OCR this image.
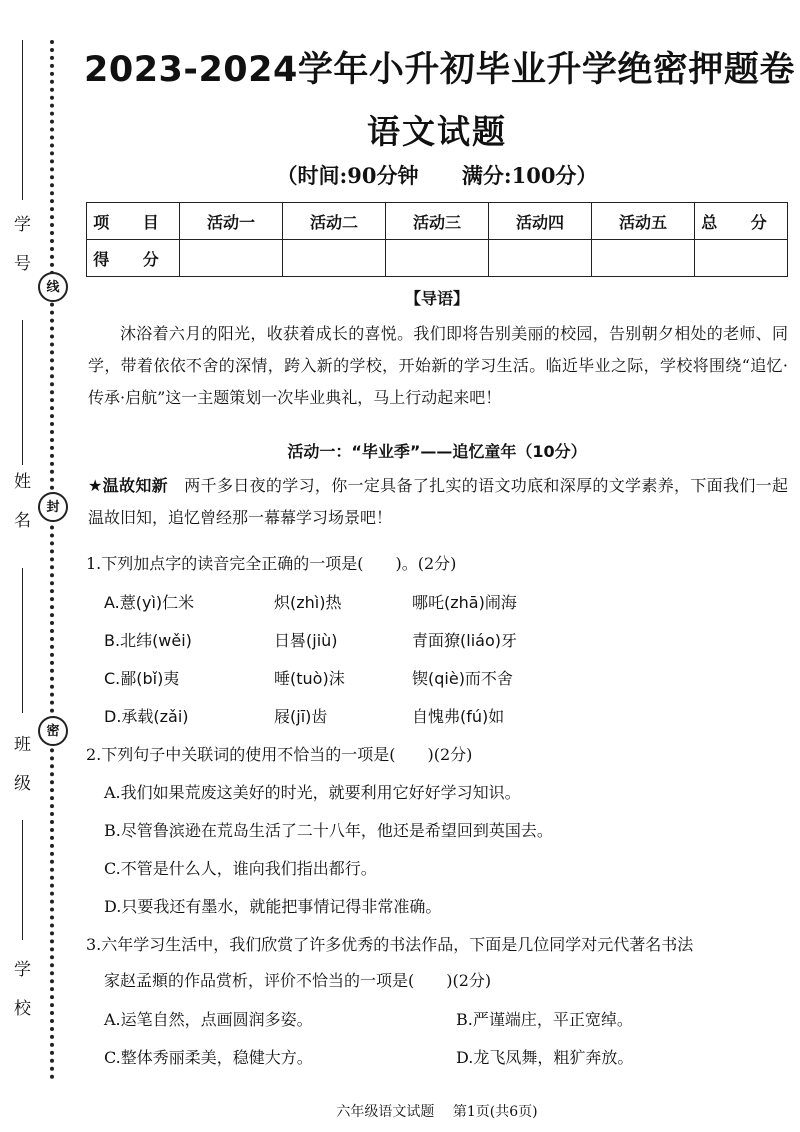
学号
姓名
班级
学校
线
封
密
2023-2024学年小升初毕业升学绝密押题卷
语文试题
（时间:90分钟 满分:100分）
项 目	活动一	活动二	活动三	活动四	活动五	总 分
得 分						
【导语】
沐浴着六月的阳光，收获着成长的喜悦。我们即将告别美丽的校园，告别朝夕相处的老师、同学，带着依依不舍的深情，跨入新的学校，开始新的学习生活。临近毕业之际，学校将围绕“追忆·传承·启航”这一主题策划一次毕业典礼，马上行动起来吧！
活动一：“毕业季”——追忆童年（10分）
★温故知新　 两千多日夜的学习，你一定具备了扎实的语文功底和深厚的文学素养，下面我们一起温故旧知，追忆曾经那一幕幕学习场景吧！
1.下列加点字的读音完全正确的一项是(　　)。(2分)
A.薏(yì)仁米	炽(zhì)热	哪吒(zhā)闹海
B.北纬(wěi)	日晷(jiù)	青面獠(liáo)牙
C.鄙(bǐ)夷	唾(tuò)沫	锲(qiè)而不舍
D.承载(zǎi)	屐(jī)齿	自愧弗(fú)如
2.下列句子中关联词的使用不恰当的一项是(　　)(2分)
A.我们如果荒废这美好的时光，就要利用它好好学习知识。
B.尽管鲁滨逊在荒岛生活了二十八年，他还是希望回到英国去。
C.不管是什么人，谁向我们指出都行。
D.只要我还有墨水，就能把事情记得非常准确。
3.六年学习生活中，我们欣赏了许多优秀的书法作品，下面是几位同学对元代著名书法
家赵孟頫的作品赏析，评价不恰当的一项是(　　)(2分)
A.运笔自然，点画圆润多姿。	B.严谨端庄，平正宽绰。
C.整体秀丽柔美，稳健大方。	D.龙飞凤舞，粗犷奔放。
六年级语文试题 第1页(共6页)
